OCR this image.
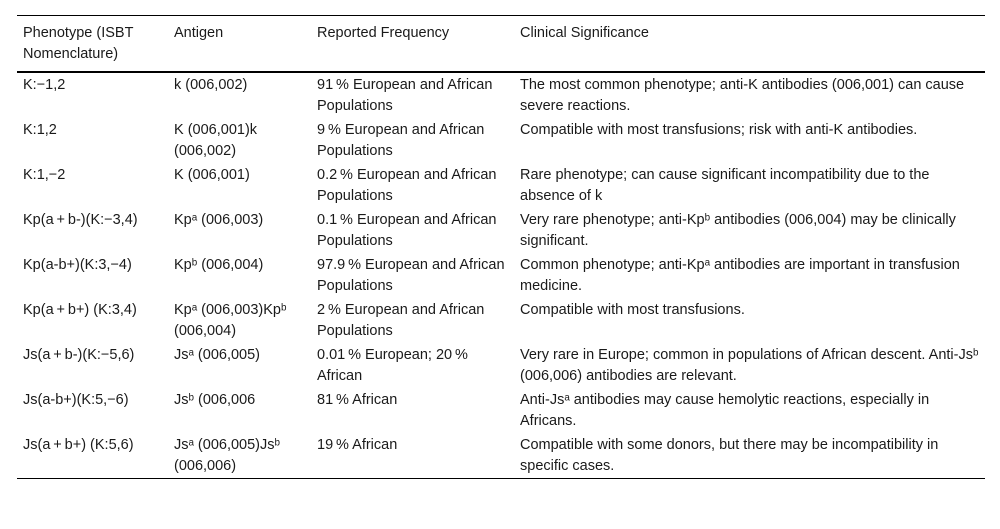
Phenotype (ISBT Nomenclature)	Antigen	Reported Frequency	Clinical Significance
K:−1,2	k (006,002)	91 % European and African Populations	The most common phenotype; anti-K antibodies (006,001) can cause severe reactions.
K:1,2	K (006,001)k (006,002)	9 % European and African Populations	Compatible with most transfusions; risk with anti-K antibodies.
K:1,−2	K (006,001)	0.2 % European and African Populations	Rare phenotype; can cause significant incompatibility due to the absence of k
Kp(a + b-)(K:−3,4)	Kpᵃ (006,003)	0.1 % European and African Populations	Very rare phenotype; anti-Kpᵇ antibodies (006,004) may be clinically significant.
Kp(a-b+)(K:3,−4)	Kpᵇ (006,004)	97.9 % European and African Populations	Common phenotype; anti-Kpᵃ antibodies are important in transfusion medicine.
Kp(a + b+) (K:3,4)	Kpᵃ (006,003)Kpᵇ (006,004)	2 % European and African Populations	Compatible with most transfusions.
Js(a + b-)(K:−5,6)	Jsᵃ (006,005)	0.01 % European; 20 % African	Very rare in Europe; common in populations of African descent. Anti-Jsᵇ (006,006) antibodies are relevant.
Js(a-b+)(K:5,−6)	Jsᵇ (006,006	81 % African	Anti-Jsᵃ antibodies may cause hemolytic reactions, especially in Africans.
Js(a + b+) (K:5,6)	Jsᵃ (006,005)Jsᵇ (006,006)	19 % African	Compatible with some donors, but there may be incompatibility in specific cases.
